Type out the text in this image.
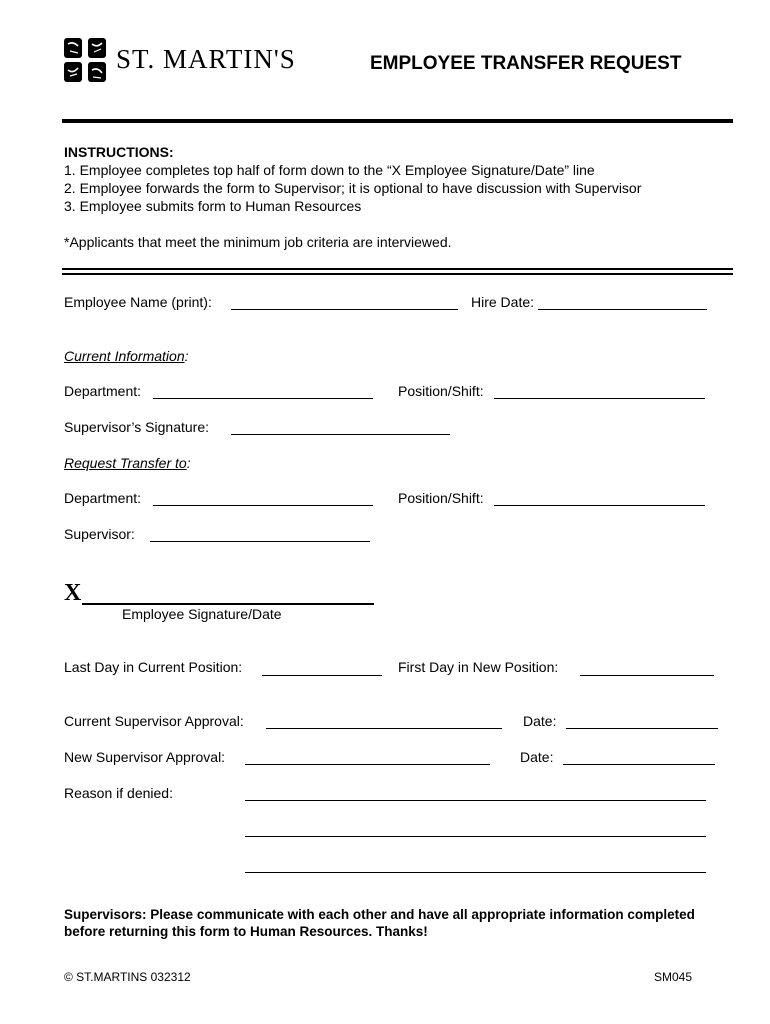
ST. MARTIN'S	EMPLOYEE TRANSFER REQUEST
INSTRUCTIONS:
1. Employee completes top half of form down to the “X Employee Signature/Date” line
2. Employee forwards the form to Supervisor; it is optional to have discussion with Supervisor
3. Employee submits form to Human Resources
*Applicants that meet the minimum job criteria are interviewed.
Employee Name (print):	Hire Date:
Current Information:
Department:	Position/Shift:
Supervisor’s Signature:
Request Transfer to:
Department:	Position/Shift:
Supervisor:
X
Employee Signature/Date
Last Day in Current Position:	First Day in New Position:
Current Supervisor Approval:	Date:
New Supervisor Approval:	Date:
Reason if denied:
Supervisors: Please communicate with each other and have all appropriate information completed before returning this form to Human Resources. Thanks!
© ST.MARTINS 032312	SM045
